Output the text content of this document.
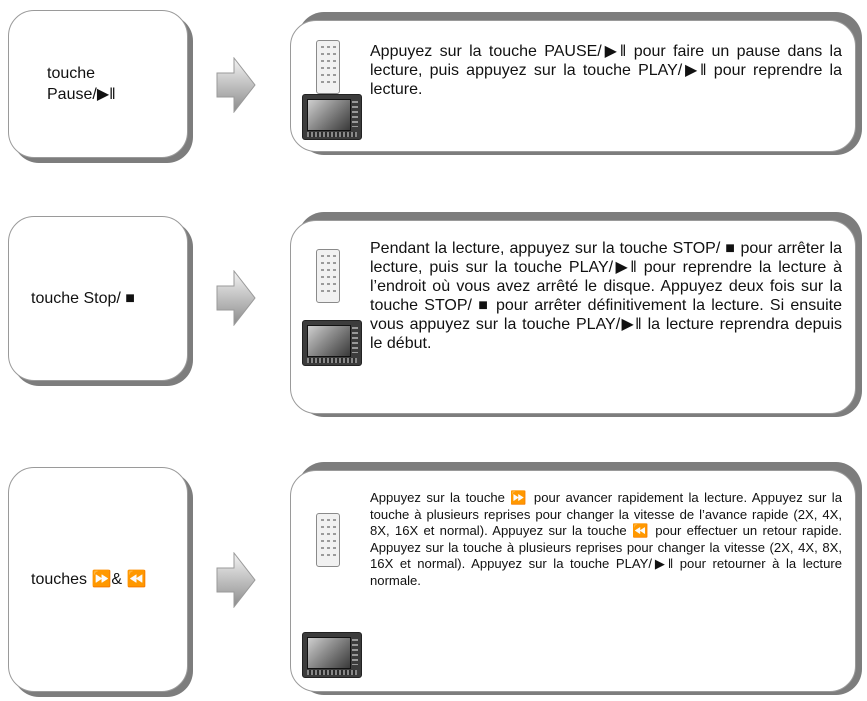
touche
Pause/▶‖
Appuyez sur la touche PAUSE/▶‖ pour faire un pause dans la lecture, puis appuyez sur la touche PLAY/▶‖ pour reprendre la lecture.
touche Stop/ ■
Pendant la lecture, appuyez sur la touche STOP/ ■ pour arrêter la lecture, puis sur la touche PLAY/▶‖ pour reprendre la lecture à l’endroit où vous avez arrêté le disque. Appuyez deux fois sur la touche STOP/ ■ pour arrêter définitivement la lecture. Si ensuite vous appuyez sur la touche PLAY/▶‖ la lecture reprendra depuis le début.
touches ⏩& ⏪
Appuyez sur la touche ⏩ pour avancer rapidement la lecture. Appuyez sur la touche à plusieurs reprises pour changer la vitesse de l’avance rapide (2X, 4X, 8X, 16X et normal). Appuyez sur la touche ⏪ pour effectuer un retour rapide. Appuyez sur la touche à plusieurs reprises pour changer la vitesse (2X, 4X, 8X, 16X et normal). Appuyez sur la touche PLAY/▶‖ pour retourner à la lecture normale.
